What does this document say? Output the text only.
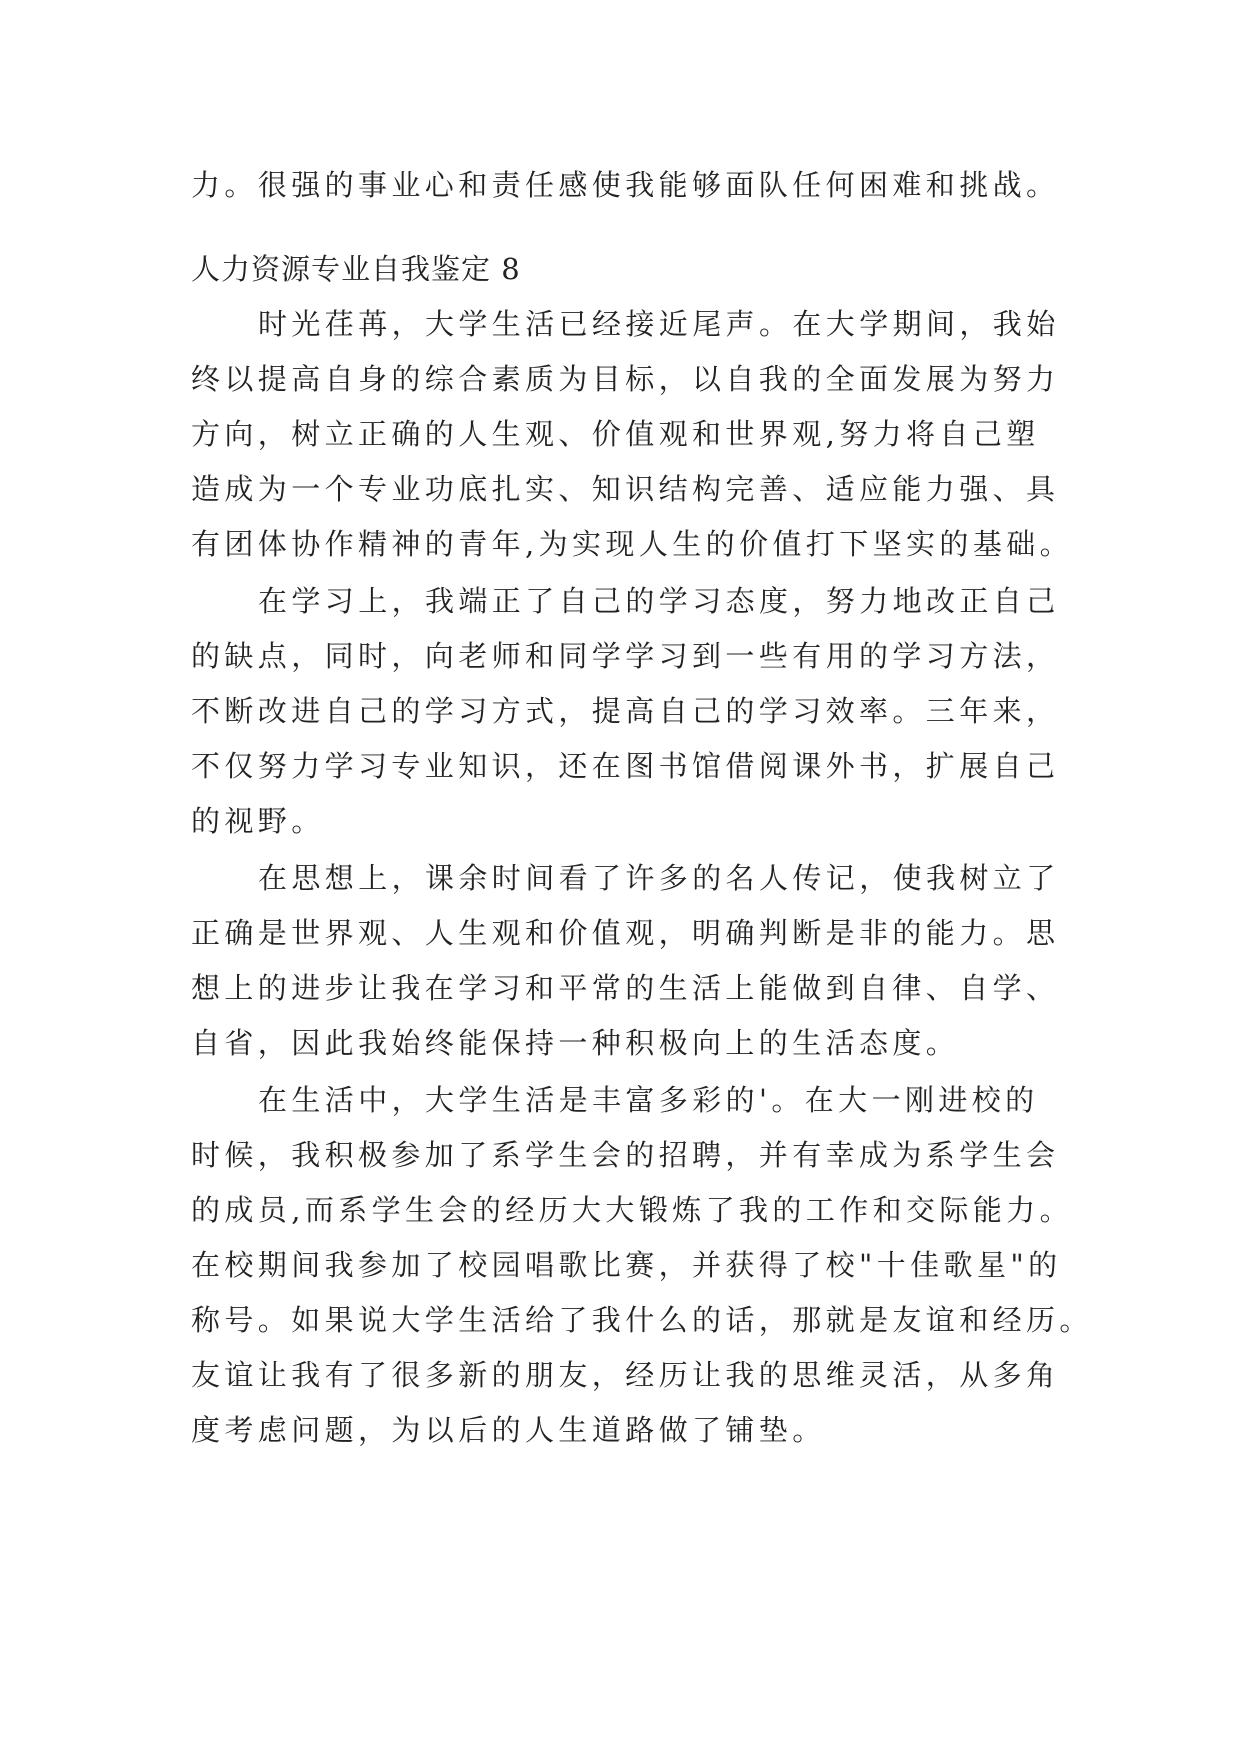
力。很强的事业心和责任感使我能够面队任何困难和挑战。
人力资源专业自我鉴定 8
时光荏苒，大学生活已经接近尾声。在大学期间，我始
终以提高自身的综合素质为目标，以自我的全面发展为努力
方向，树立正确的人生观、价值观和世界观,努力将自己塑
造成为一个专业功底扎实、知识结构完善、适应能力强、具
有团体协作精神的青年,为实现人生的价值打下坚实的基础。
在学习上，我端正了自己的学习态度，努力地改正自己
的缺点，同时，向老师和同学学习到一些有用的学习方法，
不断改进自己的学习方式，提高自己的学习效率。三年来，
不仅努力学习专业知识，还在图书馆借阅课外书，扩展自己
的视野。
在思想上，课余时间看了许多的名人传记，使我树立了
正确是世界观、人生观和价值观，明确判断是非的能力。思
想上的进步让我在学习和平常的生活上能做到自律、自学、
自省，因此我始终能保持一种积极向上的生活态度。
在生活中，大学生活是丰富多彩的'。在大一刚进校的
时候，我积极参加了系学生会的招聘，并有幸成为系学生会
的成员,而系学生会的经历大大锻炼了我的工作和交际能力。
在校期间我参加了校园唱歌比赛，并获得了校"十佳歌星"的
称号。如果说大学生活给了我什么的话，那就是友谊和经历。
友谊让我有了很多新的朋友，经历让我的思维灵活，从多角
度考虑问题，为以后的人生道路做了铺垫。
